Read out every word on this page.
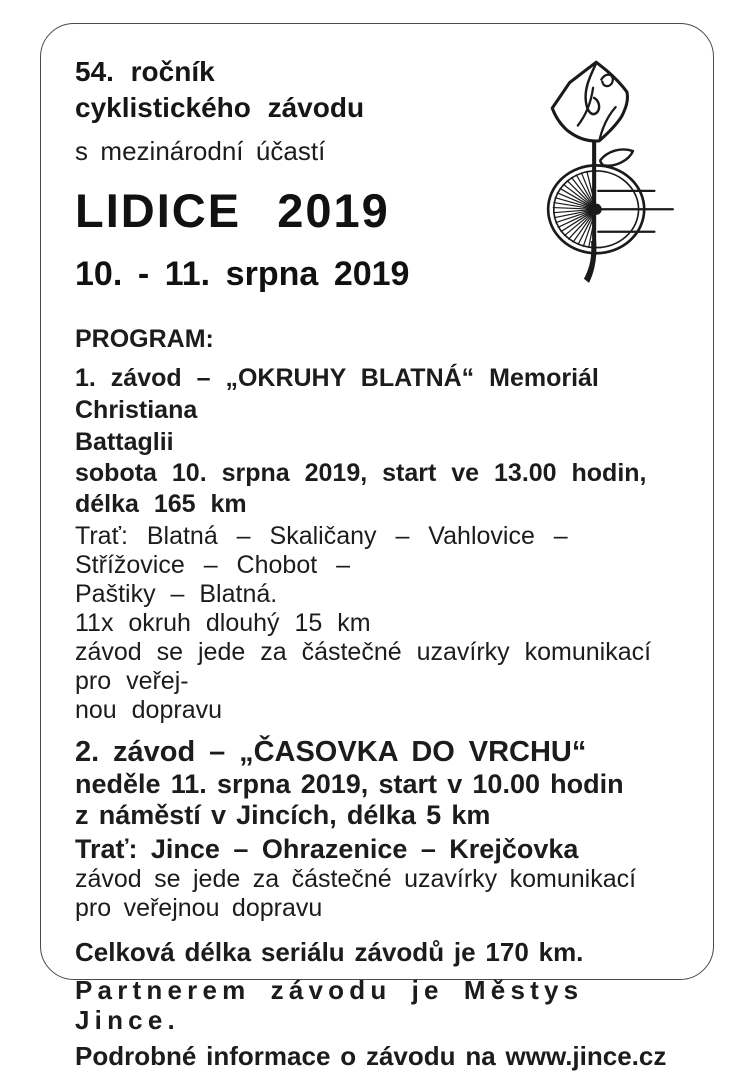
54. ročník
cyklistického závodu
s mezinárodní účastí
LIDICE 2019
10. - 11. srpna 2019
PROGRAM:
1. závod – „OKRUHY BLATNÁ“ Memoriál Christiana
Battaglii
sobota 10. srpna 2019, start ve 13.00 hodin,
délka 165 km
Trať: Blatná – Skaličany – Vahlovice – Střížovice – Chobot –
Paštiky – Blatná.
11x okruh dlouhý 15 km
závod se jede za částečné uzavírky komunikací pro veřej-
nou dopravu
2. závod – „ČASOVKA DO VRCHU“
neděle 11. srpna 2019, start v 10.00 hodin
z náměstí v Jincích, délka 5 km
Trať: Jince – Ohrazenice – Krejčovka
závod se jede za částečné uzavírky komunikací
pro veřejnou dopravu
Celková délka seriálu závodů je 170 km.
Partnerem závodu je Městys Jince.
Podrobné informace o závodu na www.jince.cz
